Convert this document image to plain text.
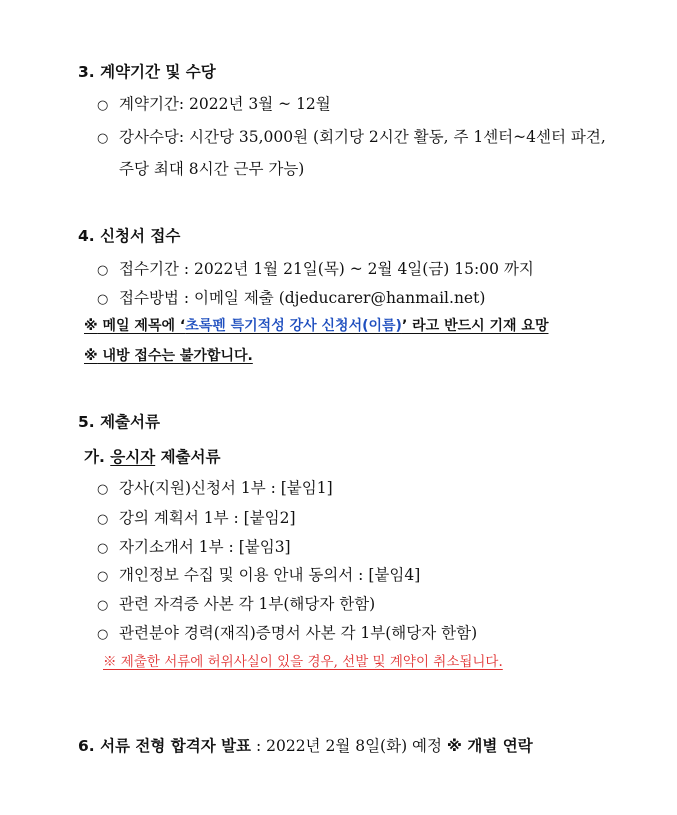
3. 계약기간 및 수당
○ 계약기간: 2022년 3월 ~ 12월
○ 강사수당: 시간당 35,000원 (회기당 2시간 활동, 주 1센터~4센터 파견,
주당 최대 8시간 근무 가능)
4. 신청서 접수
○ 접수기간 : 2022년 1월 21일(목) ~ 2월 4일(금) 15:00 까지
○ 접수방법 : 이메일 제출 (djeducarer@hanmail.net)
※ 메일 제목에 ‘초록펜 특기적성 강사 신청서(이름)’ 라고 반드시 기재 요망
※ 내방 접수는 불가합니다.
5. 제출서류
가. 응시자 제출서류
○ 강사(지원)신청서 1부 : [붙임1]
○ 강의 계획서 1부 : [붙임2]
○ 자기소개서 1부 : [붙임3]
○ 개인정보 수집 및 이용 안내 동의서 : [붙임4]
○ 관련 자격증 사본 각 1부(해당자 한함)
○ 관련분야 경력(재직)증명서 사본 각 1부(해당자 한함)
※ 제출한 서류에 허위사실이 있을 경우, 선발 및 계약이 취소됩니다.
6. 서류 전형 합격자 발표 : 2022년 2월 8일(화) 예정 ※ 개별 연락
